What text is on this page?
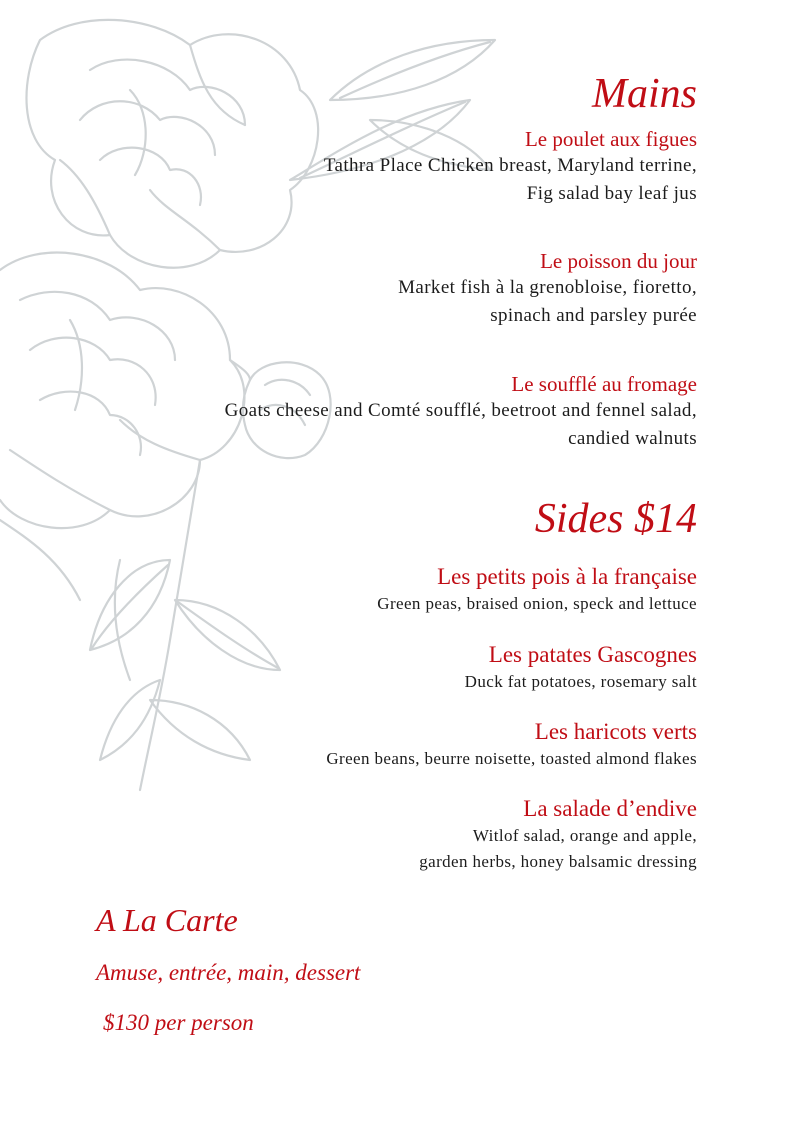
Mains
Le poulet aux figues
Tathra Place Chicken breast, Maryland terrine,
Fig salad bay leaf jus
Le poisson du jour
Market fish à la grenobloise, fioretto,
spinach and parsley purée
Le soufflé au fromage
Goats cheese and Comté soufflé, beetroot and fennel salad,
candied walnuts
Sides $14
Les petits pois à la française
Green peas, braised onion, speck and lettuce
Les patates Gascognes
Duck fat potatoes, rosemary salt
Les haricots verts
Green beans, beurre noisette, toasted almond flakes
La salade d’endive
Witlof salad, orange and apple,
garden herbs, honey balsamic dressing
A La Carte
Amuse, entrée, main, dessert
$130 per person
